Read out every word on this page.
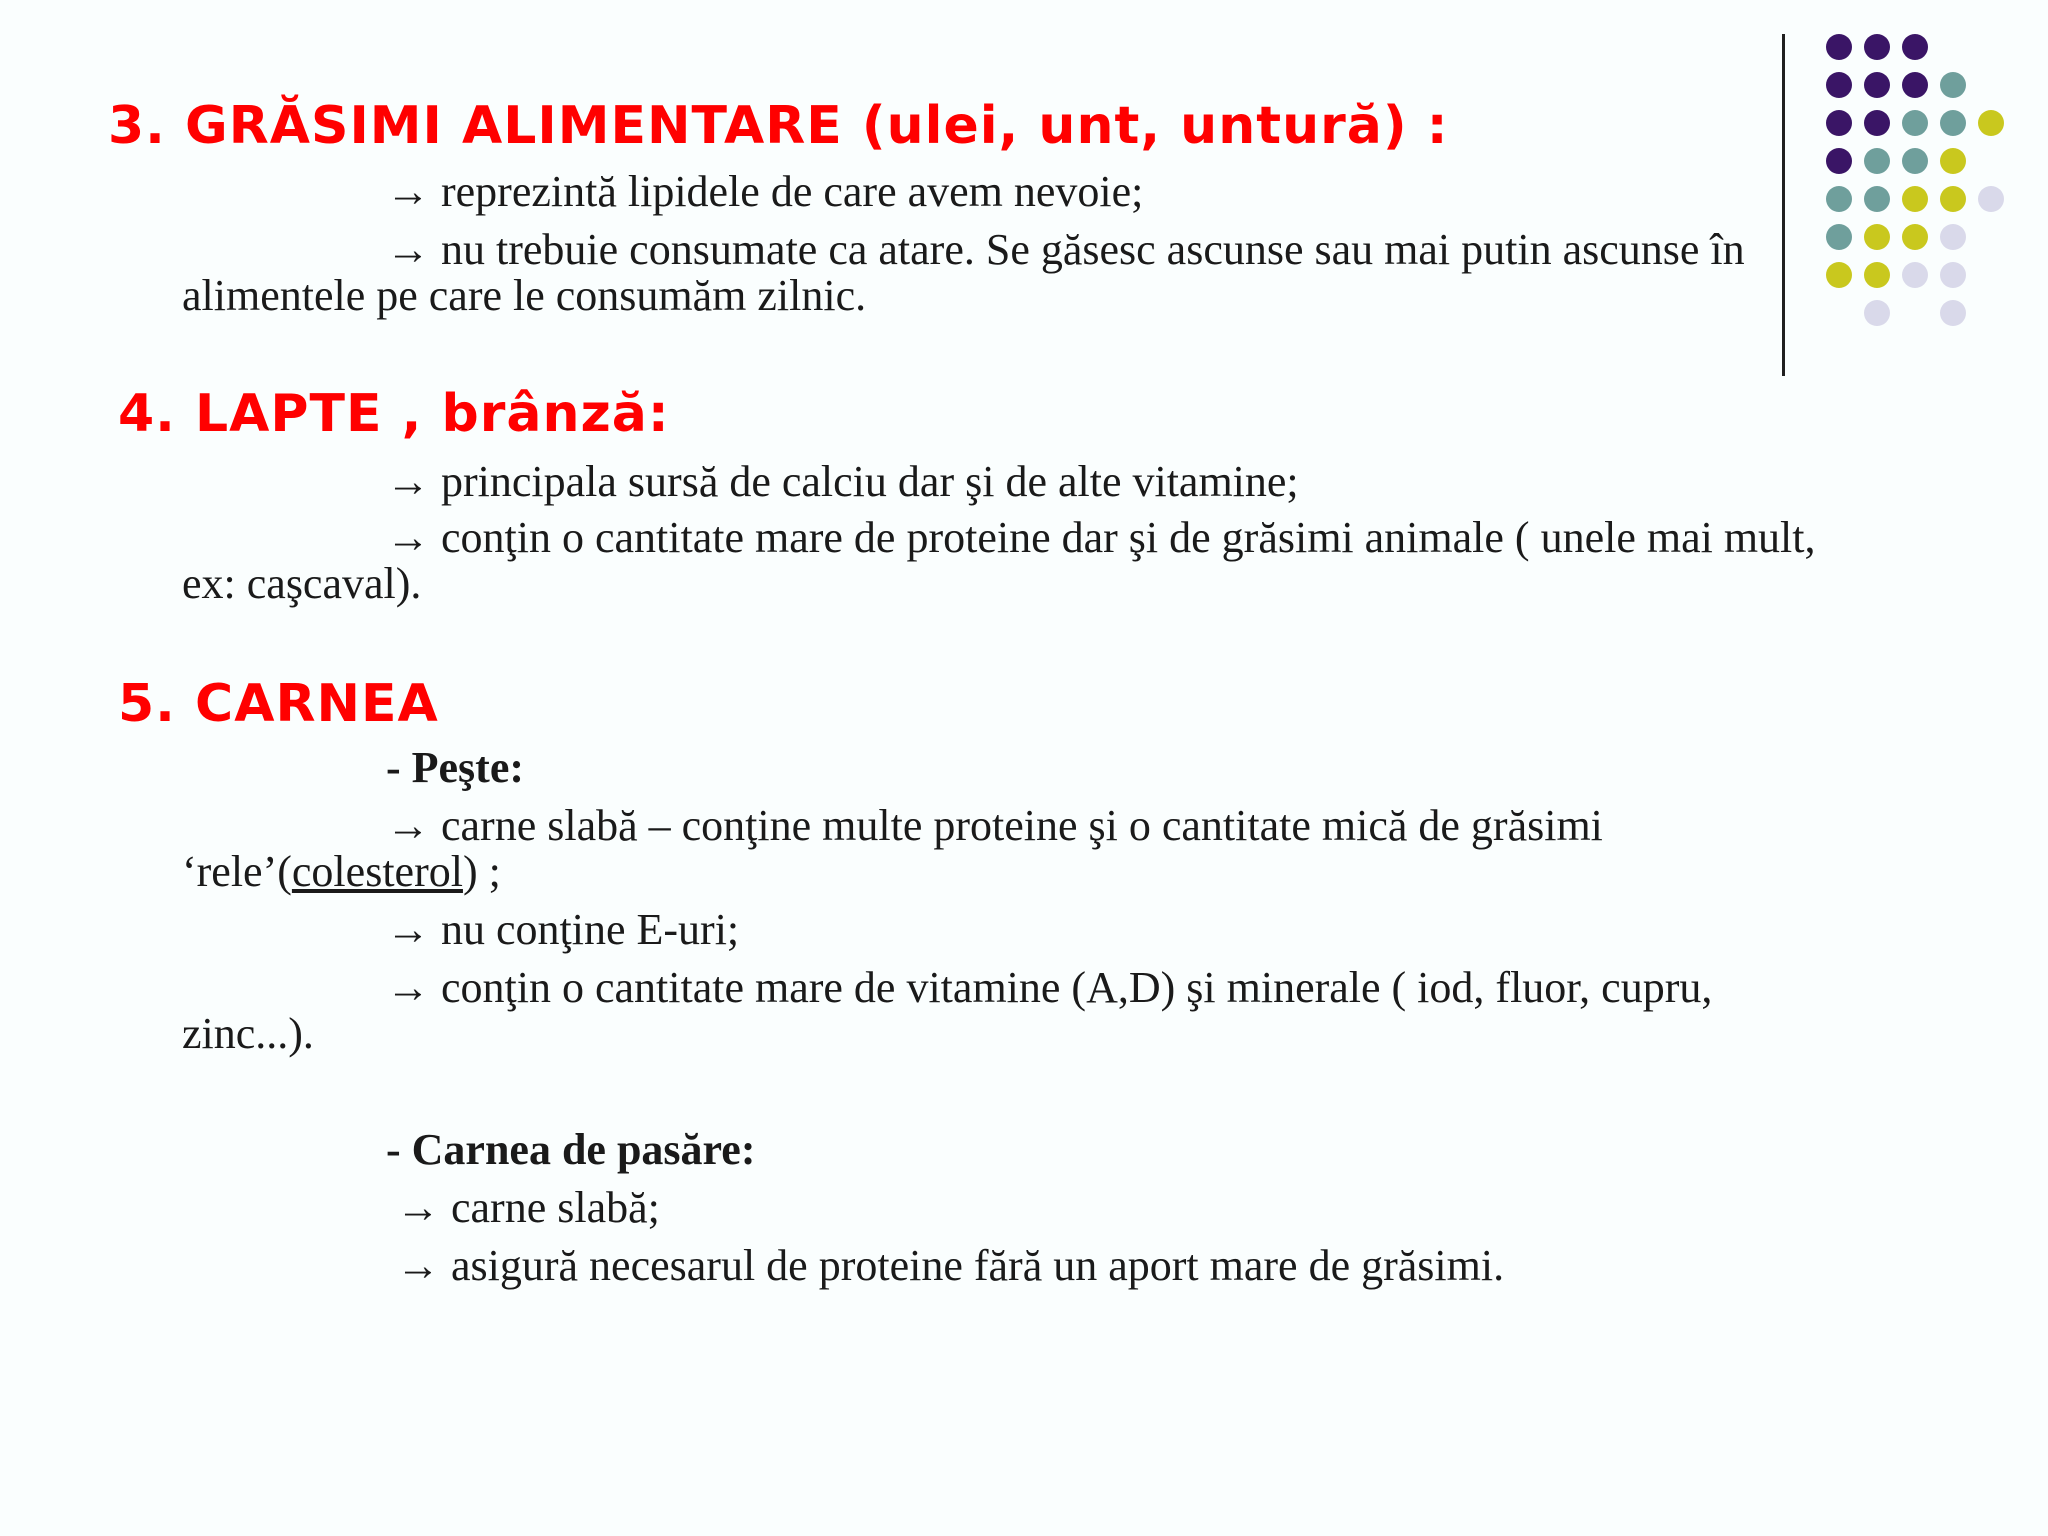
3. GRĂSIMI ALIMENTARE (ulei, unt, untură) :
→ reprezintă lipidele de care avem nevoie;
→ nu trebuie consumate ca atare. Se găsesc ascunse sau mai putin ascunse în
alimentele pe care le consumăm zilnic.
4. LAPTE , brânză:
→ principala sursă de calciu dar şi de alte vitamine;
→ conţin o cantitate mare de proteine dar şi de grăsimi animale ( unele mai mult,
ex: caşcaval).
5. CARNEA
- Peşte:
→ carne slabă – conţine multe proteine şi o cantitate mică de grăsimi
‘rele’(colesterol) ;
→ nu conţine E-uri;
→ conţin o cantitate mare de vitamine (A,D) şi minerale ( iod, fluor, cupru,
zinc...).
- Carnea de pasăre:
→ carne slabă;
→ asigură necesarul de proteine fără un aport mare de grăsimi.
